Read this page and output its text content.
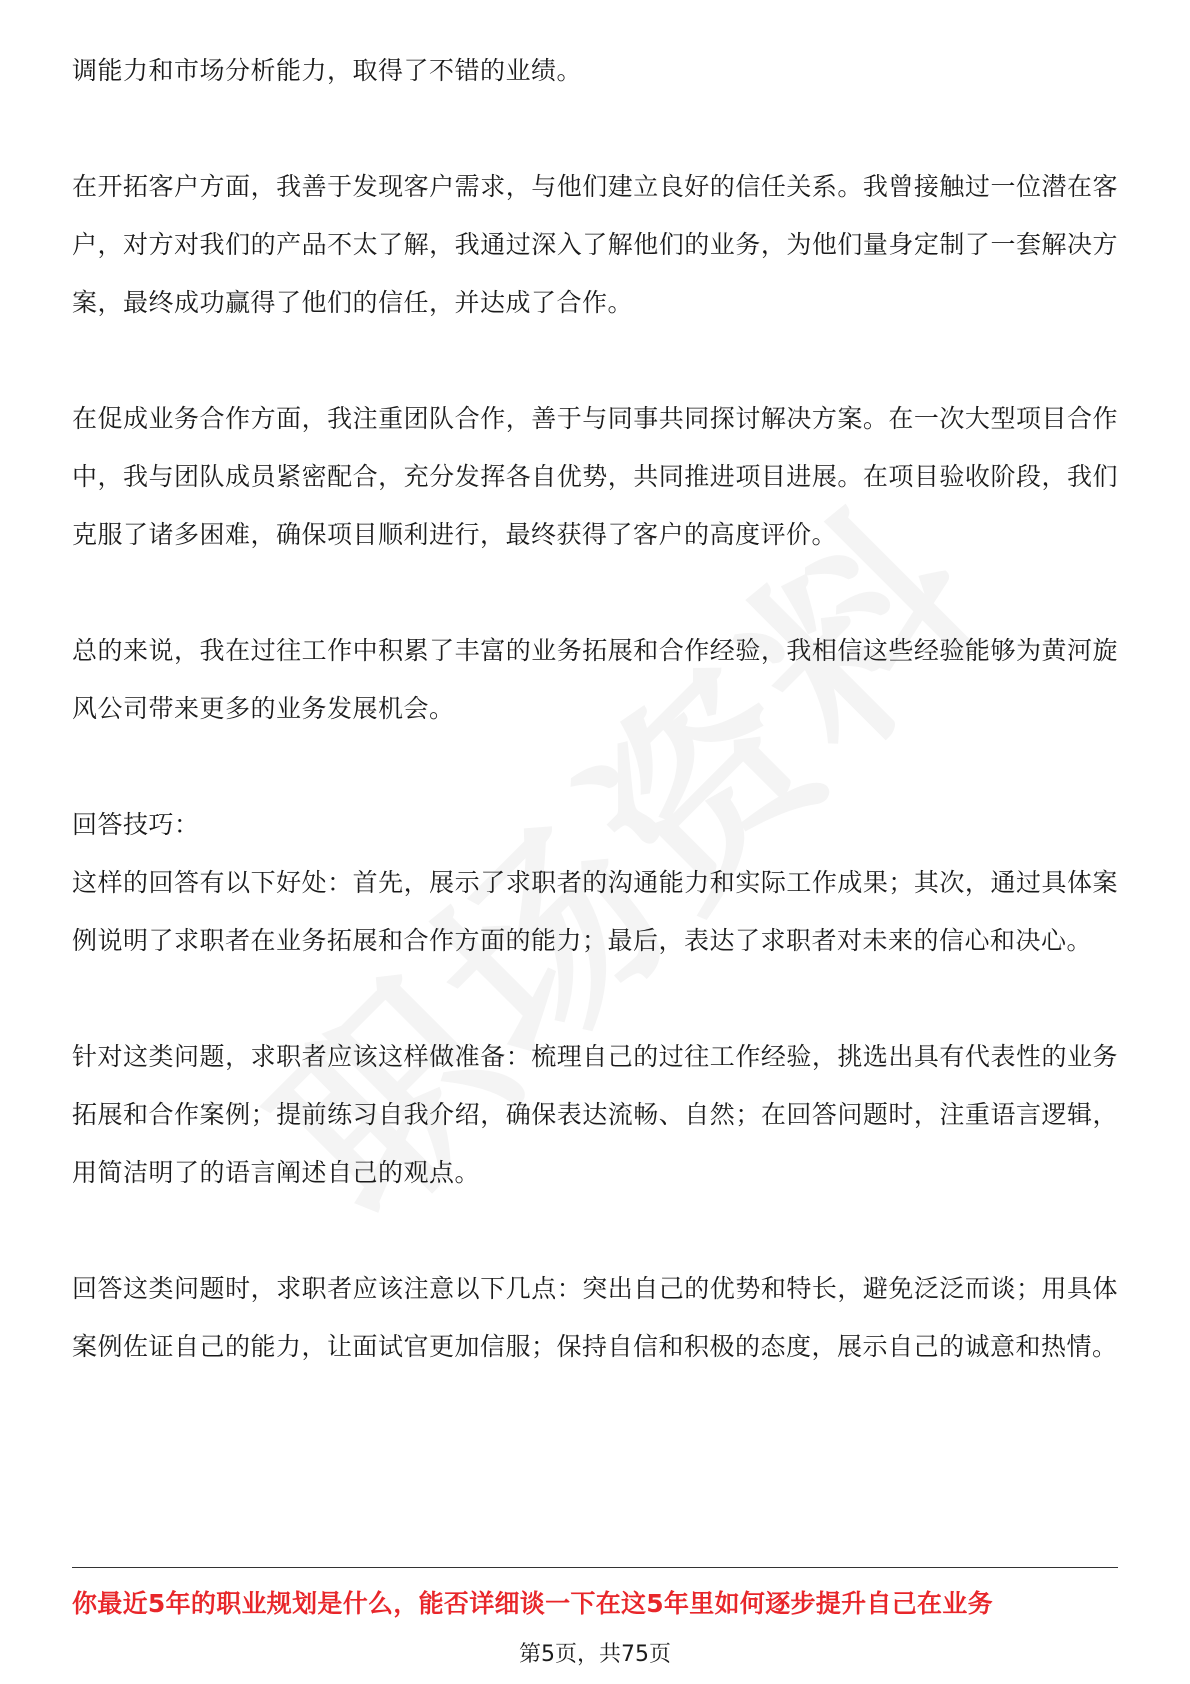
调能力和市场分析能力，取得了不错的业绩。

在开拓客户方面，我善于发现客户需求，与他们建立良好的信任关系。我曾接触过一位潜在客户，对方对我们的产品不太了解，我通过深入了解他们的业务，为他们量身定制了一套解决方案，最终成功赢得了他们的信任，并达成了合作。

在促成业务合作方面，我注重团队合作，善于与同事共同探讨解决方案。在一次大型项目合作中，我与团队成员紧密配合，充分发挥各自优势，共同推进项目进展。在项目验收阶段，我们克服了诸多困难，确保项目顺利进行，最终获得了客户的高度评价。

总的来说，我在过往工作中积累了丰富的业务拓展和合作经验，我相信这些经验能够为黄河旋风公司带来更多的业务发展机会。

回答技巧：

这样的回答有以下好处：首先，展示了求职者的沟通能力和实际工作成果；其次，通过具体案例说明了求职者在业务拓展和合作方面的能力；最后，表达了求职者对未来的信心和决心。

针对这类问题，求职者应该这样做准备：梳理自己的过往工作经验，挑选出具有代表性的业务拓展和合作案例；提前练习自我介绍，确保表达流畅、自然；在回答问题时，注重语言逻辑，用简洁明了的语言阐述自己的观点。

回答这类问题时，求职者应该注意以下几点：突出自己的优势和特长，避免泛泛而谈；用具体案例佐证自己的能力，让面试官更加信服；保持自信和积极的态度，展示自己的诚意和热情。

你最近5年的职业规划是什么，能否详细谈一下在这5年里如何逐步提升自己在业务
第5页，共75页
